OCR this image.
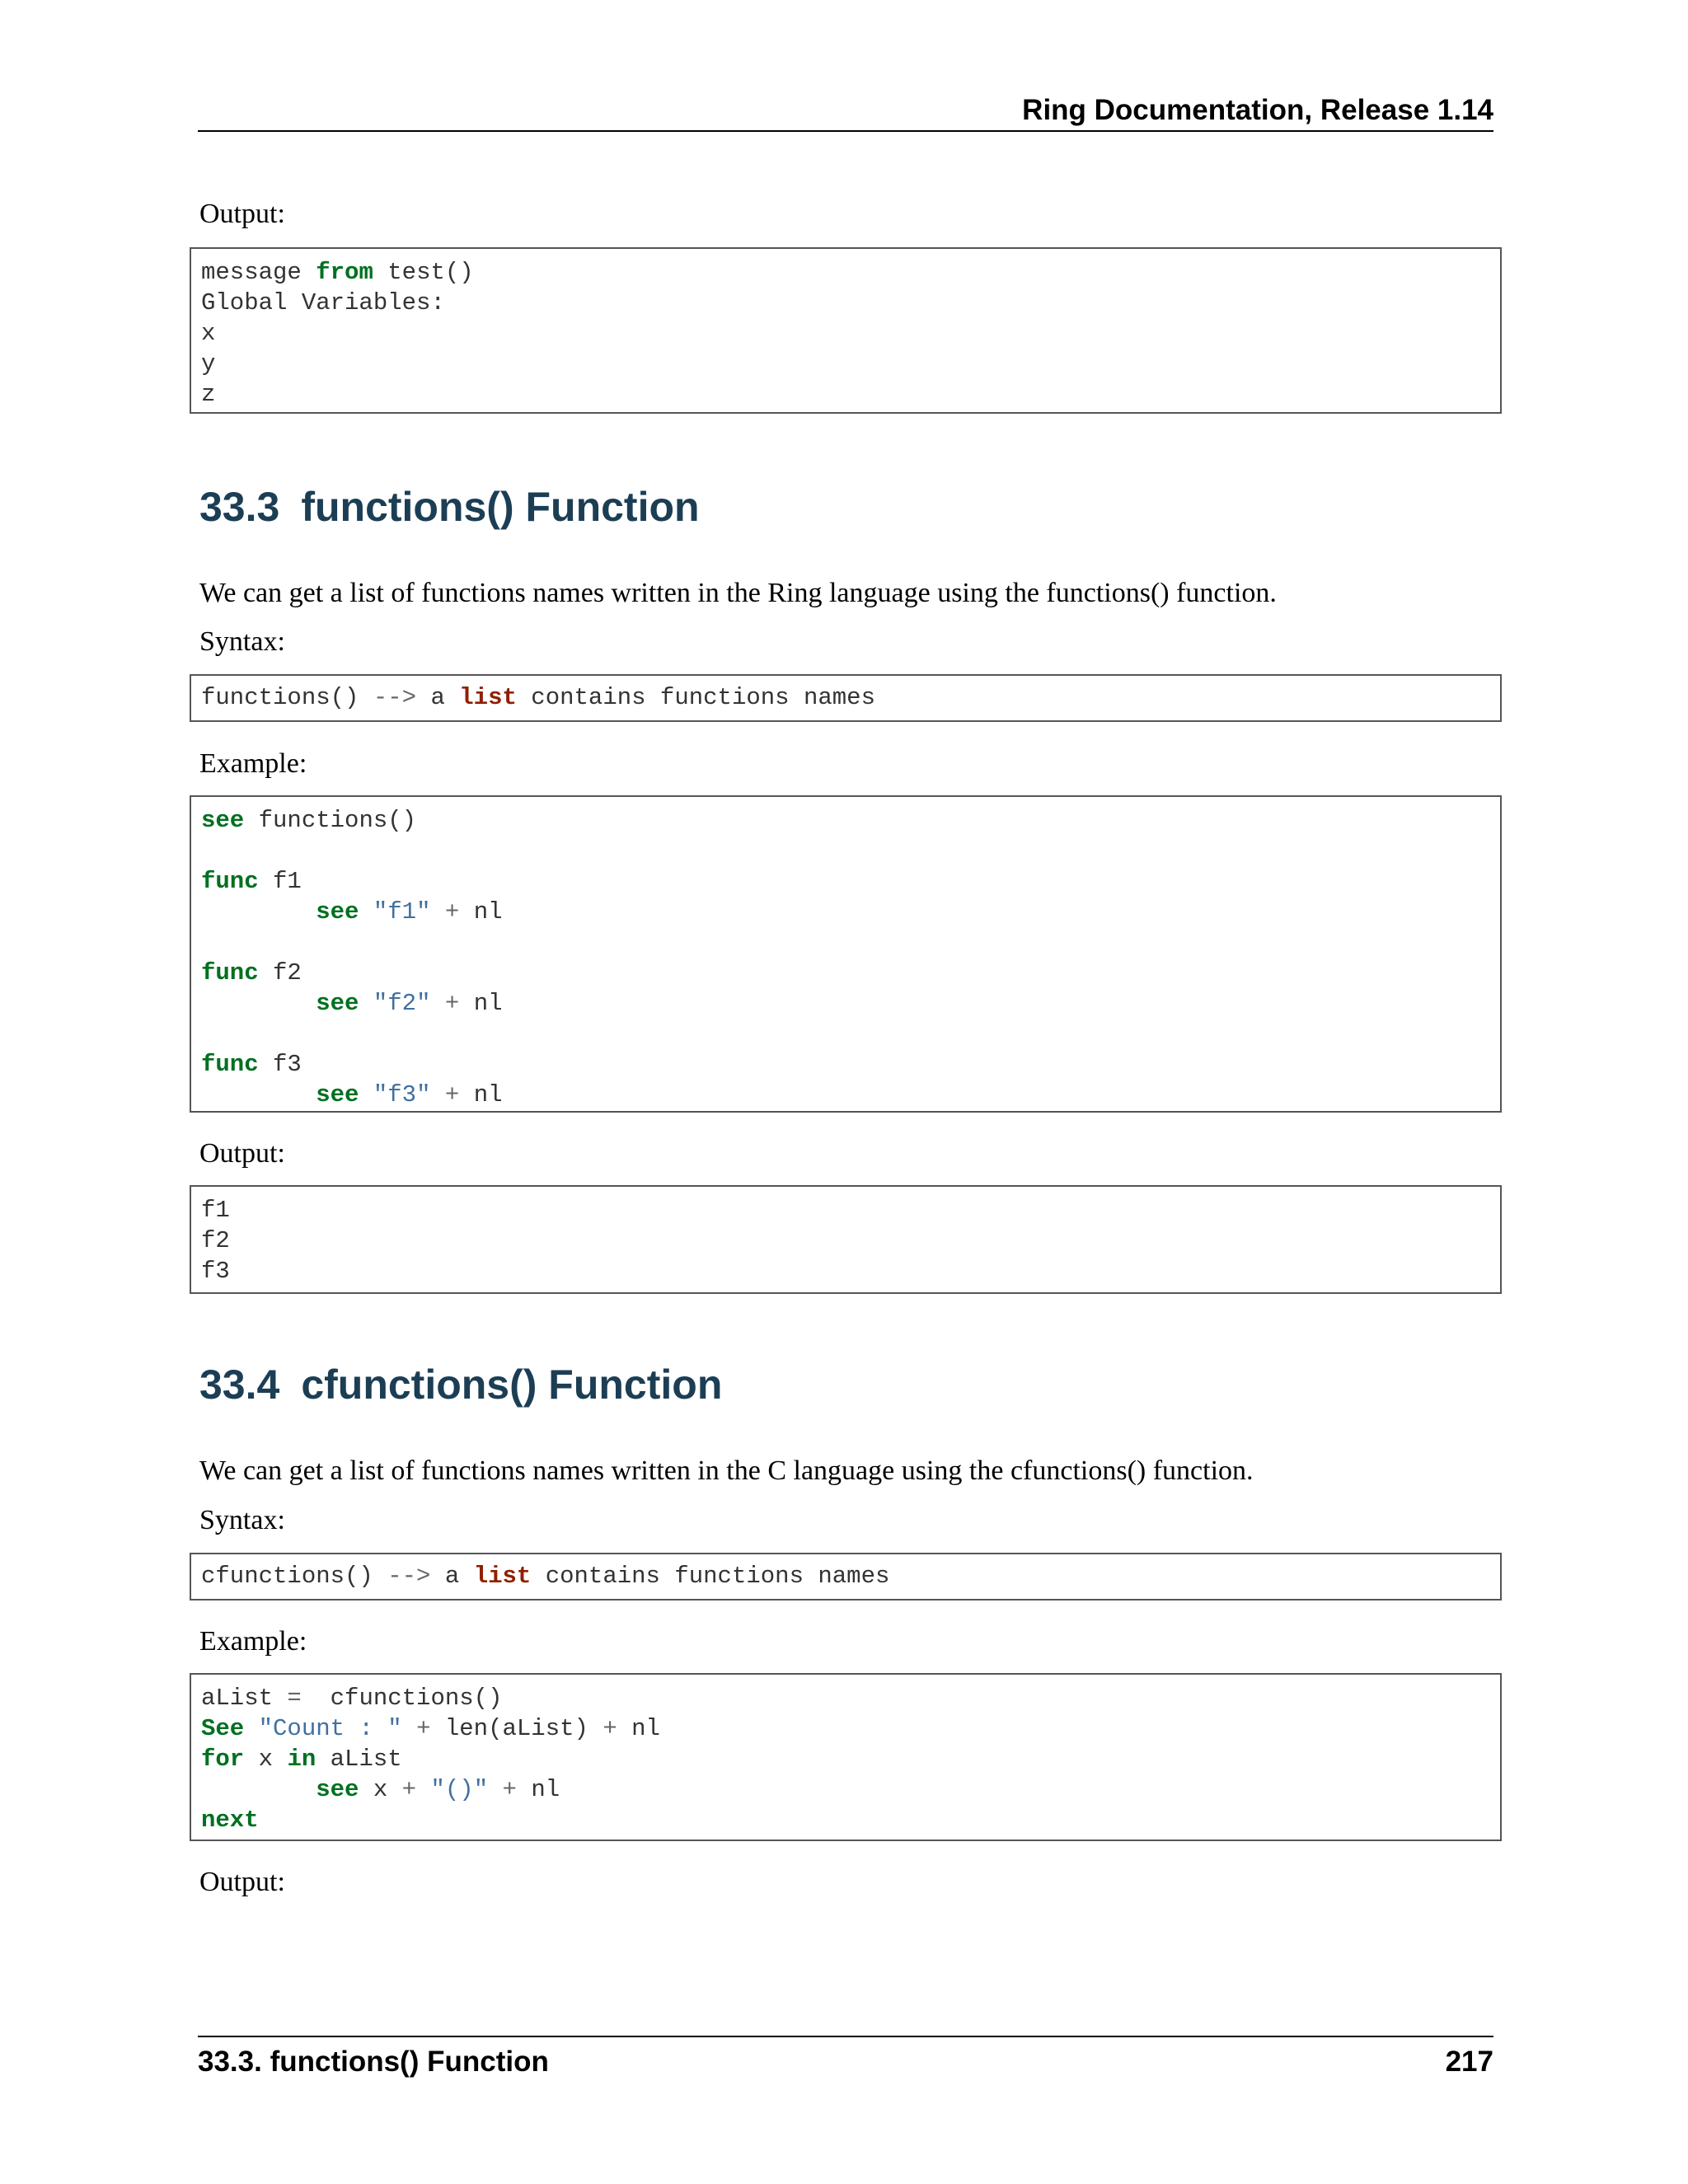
Ring Documentation, Release 1.14
Output:
message from test()
Global Variables:
x
y
z
33.3 functions() Function
We can get a list of functions names written in the Ring language using the functions() function.
Syntax:
functions() --> a list contains functions names
Example:
see functions()
func f1
see "f1" + nl
func f2
see "f2" + nl
func f3
see "f3" + nl
Output:
f1
f2
f3
33.4 cfunctions() Function
We can get a list of functions names written in the C language using the cfunctions() function.
Syntax:
cfunctions() --> a list contains functions names
Example:
aList =  cfunctions()
See "Count : " + len(aList) + nl
for x in aList
see x + "()" + nl
next
Output:
33.3. functions() Function	217
